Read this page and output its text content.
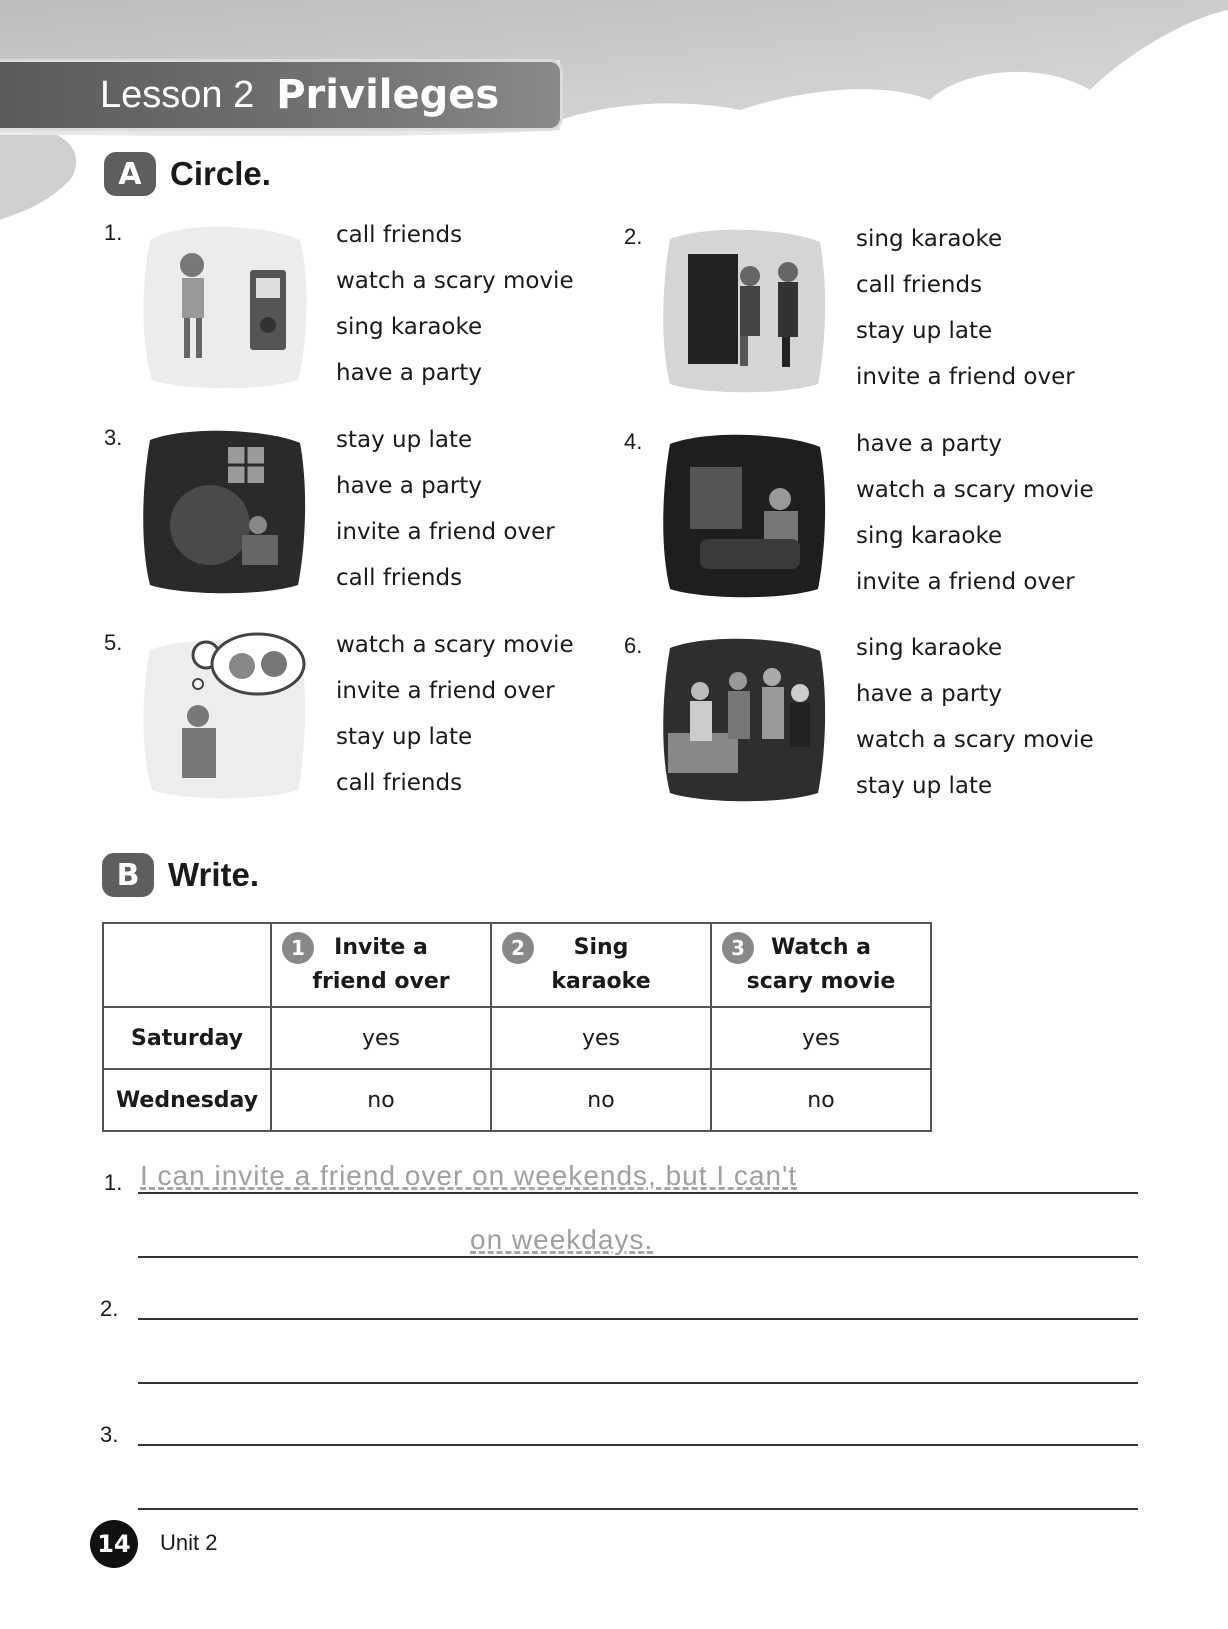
Lesson 2 Privileges
A Circle.
1.	call friends
watch a scary movie
sing karaoke
have a party
2.	sing karaoke
call friends
stay up late
invite a friend over
3.	stay up late
have a party
invite a friend over
call friends
4.	have a party
watch a scary movie
sing karaoke
invite a friend over
5.	watch a scary movie
invite a friend over
stay up late
call friends
6.	sing karaoke
have a party
watch a scary movie
stay up late
B Write.

	1 Invite a
friend over	2 Sing
karaoke	3 Watch a
scary movie
Saturday	yes	yes	yes
Wednesday	no	no	no
1. I can invite a friend over on weekends, but I can't
on weekdays.
2.
3.
14	Unit 2
